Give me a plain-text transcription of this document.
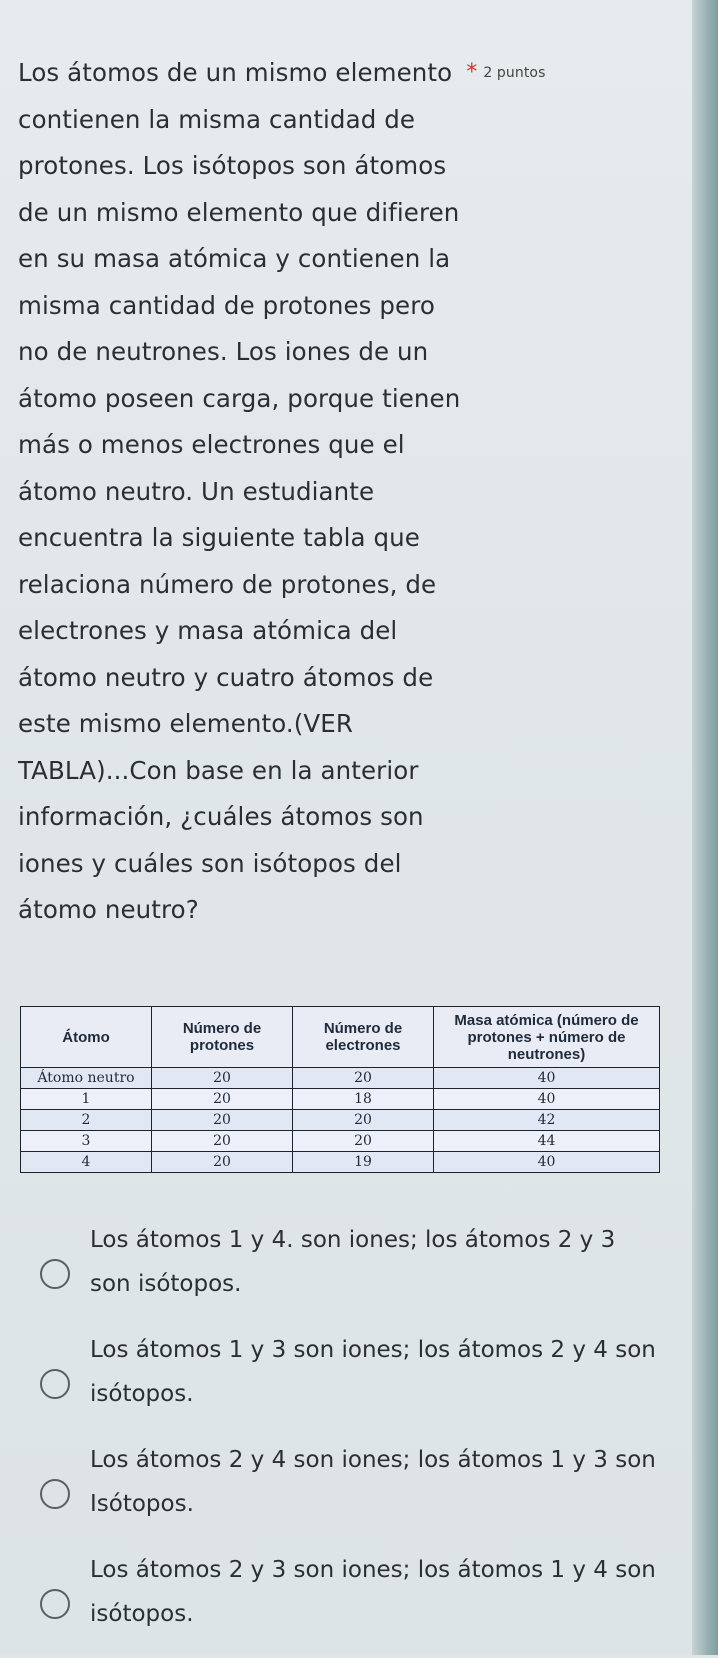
Los átomos de un mismo elemento * 2 puntos
contienen la misma cantidad de
protones. Los isótopos son átomos
de un mismo elemento que difieren
en su masa atómica y contienen la
misma cantidad de protones pero
no de neutrones. Los iones de un
átomo poseen carga, porque tienen
más o menos electrones que el
átomo neutro. Un estudiante
encuentra la siguiente tabla que
relaciona número de protones, de
electrones y masa atómica del
átomo neutro y cuatro átomos de
este mismo elemento.(VER
TABLA)...Con base en la anterior
información, ¿cuáles átomos son
iones y cuáles son isótopos del
átomo neutro?
Átomo	Número de protones	Número de electrones	Masa atómica (número de protones + número de neutrones)
Átomo neutro	20	20	40
1	20	18	40
2	20	20	42
3	20	20	44
4	20	19	40
Los átomos 1 y 4. son iones; los átomos 2 y 3 son isótopos.
Los átomos 1 y 3 son iones; los átomos 2 y 4 son isótopos.
Los átomos 2 y 4 son iones; los átomos 1 y 3 son Isótopos.
Los átomos 2 y 3 son iones; los átomos 1 y 4 son isótopos.
